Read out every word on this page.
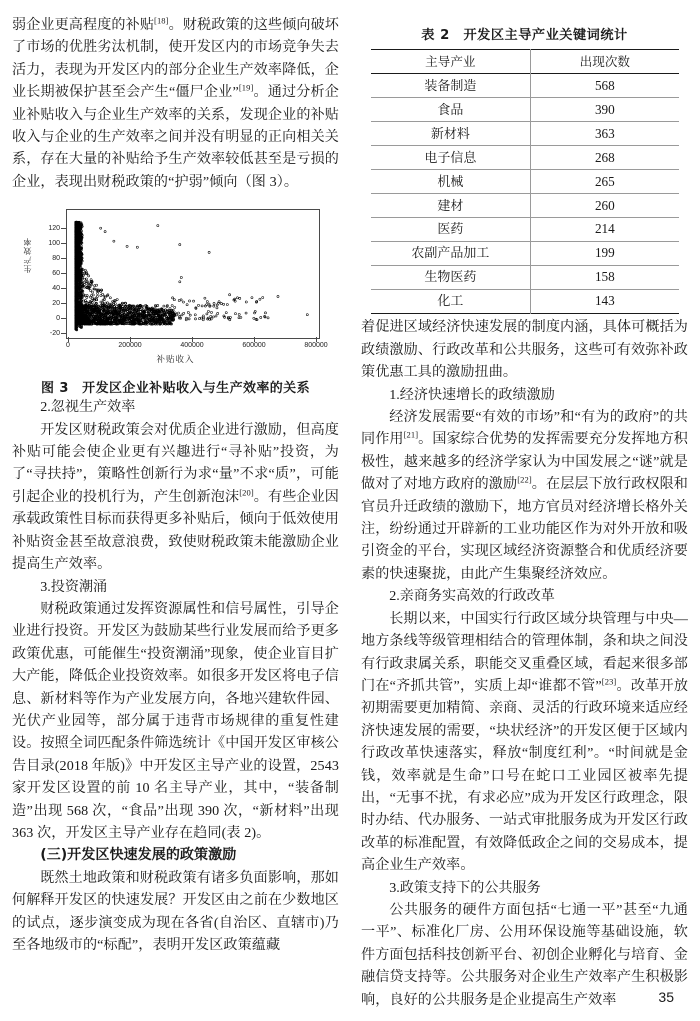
弱企业更高程度的补贴[18]。财税政策的这些倾向破坏了市场的优胜劣汰机制，使开发区内的市场竞争失去活力，表现为开发区内的部分企业生产效率降低，企业长期被保护甚至会产生“僵尸企业”[19]。通过分析企业补贴收入与企业生产效率的关系，发现企业的补贴收入与企业的生产效率之间并没有明显的正向相关关系，存在大量的补贴给予生产效率较低甚至是亏损的企业，表现出财税政策的“护弱”倾向（图 3）。

生产效率
120
100
80
60
40
20
0
-20
0	200000	400000	600000	800000
补贴收入

图 3　开发区企业补贴收入与生产效率的关系

2.忽视生产效率

开发区财税政策会对优质企业进行激励，但高度补贴可能会使企业更有兴趣进行“寻补贴”投资，为了“寻扶持”，策略性创新行为求“量”不求“质”，可能引起企业的投机行为，产生创新泡沫[20]。有些企业因承载政策性目标而获得更多补贴后，倾向于低效使用补贴资金甚至故意浪费，致使财税政策未能激励企业提高生产效率。

3.投资潮涌

财税政策通过发挥资源属性和信号属性，引导企业进行投资。开发区为鼓励某些行业发展而给予更多政策优惠，可能催生“投资潮涌”现象，使企业盲目扩大产能，降低企业投资效率。如很多开发区将电子信息、新材料等作为产业发展方向，各地兴建软件园、光伏产业园等，部分属于违背市场规律的重复性建设。按照全词匹配条件筛选统计《中国开发区审核公告目录(2018 年版)》中开发区主导产业的设置，2543 家开发区设置的前 10 名主导产业，其中，“装备制造”出现 568 次，“食品”出现 390 次，“新材料”出现 363 次，开发区主导产业存在趋同(表 2)。

(三)开发区快速发展的政策激励

既然土地政策和财税政策有诸多负面影响，那如何解释开发区的快速发展？开发区由之前在少数地区的试点，逐步演变成为现在各省(自治区、直辖市)乃至各地级市的“标配”，表明开发区政策蕴藏

表 2　开发区主导产业关键词统计
主导产业	出现次数
装备制造	568
食品	390
新材料	363
电子信息	268
机械	265
建材	260
医药	214
农副产品加工	199
生物医药	158
化工	143

着促进区域经济快速发展的制度内涵，具体可概括为政绩激励、行政改革和公共服务，这些可有效弥补政策优惠工具的激励扭曲。

1.经济快速增长的政绩激励

经济发展需要“有效的市场”和“有为的政府”的共同作用[21]。国家综合优势的发挥需要充分发挥地方积极性，越来越多的经济学家认为中国发展之“谜”就是做对了对地方政府的激励[22]。在层层下放行政权限和官员升迁政绩的激励下，地方官员对经济增长格外关注，纷纷通过开辟新的工业功能区作为对外开放和吸引资金的平台，实现区域经济资源整合和优质经济要素的快速聚拢，由此产生集聚经济效应。

2.亲商务实高效的行政改革

长期以来，中国实行行政区域分块管理与中央—地方条线等级管理相结合的管理体制，条和块之间没有行政隶属关系，职能交叉重叠区域，看起来很多部门在“齐抓共管”，实质上却“谁都不管”[23]。改革开放初期需要更加精简、亲商、灵活的行政环境来适应经济快速发展的需要，“块状经济”的开发区便于区域内行政改革快速落实，释放“制度红利”。“时间就是金钱，效率就是生命”口号在蛇口工业园区被率先提出，“无事不扰，有求必应”成为开发区行政理念，限时办结、代办服务、一站式审批服务成为开发区行政改革的标准配置，有效降低政企之间的交易成本，提高企业生产效率。

3.政策支持下的公共服务

公共服务的硬件方面包括“七通一平”甚至“九通一平”、标准化厂房、公用环保设施等基础设施，软件方面包括科技创新平台、初创企业孵化与培育、金融信贷支持等。公共服务对企业生产效率产生积极影响，良好的公共服务是企业提高生产效率	35
